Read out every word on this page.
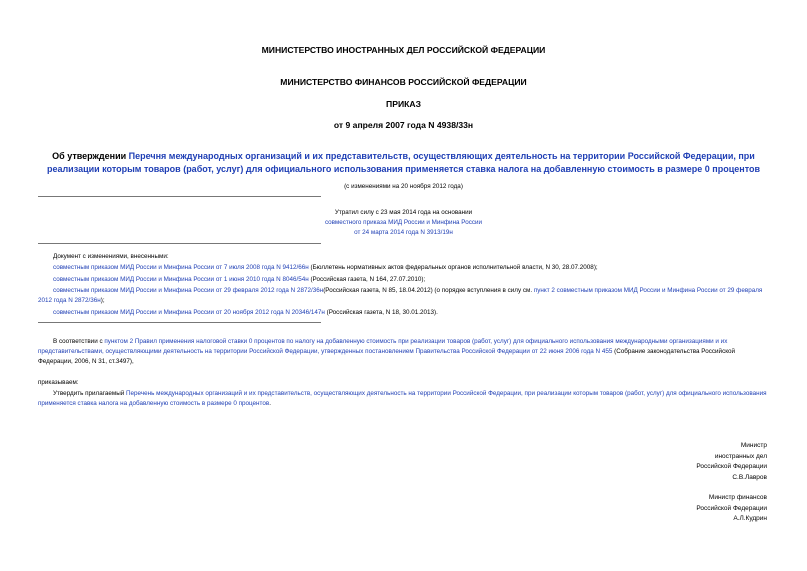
МИНИСТЕРСТВО ИНОСТРАННЫХ ДЕЛ РОССИЙСКОЙ ФЕДЕРАЦИИ
МИНИСТЕРСТВО ФИНАНСОВ РОССИЙСКОЙ ФЕДЕРАЦИИ
ПРИКАЗ
от 9 апреля 2007 года N 4938/33н
Об утверждении Перечня международных организаций и их представительств, осуществляющих деятельность на территории Российской Федерации, при реализации которым товаров (работ, услуг) для официального использования применяется ставка налога на добавленную стоимость в размере 0 процентов
(с изменениями на 20 ноября 2012 года)
Утратил силу с 23 мая 2014 года на основании
совместного приказа МИД России и Минфина России
от 24 марта 2014 года N 3913/19н
Документ с изменениями, внесенными:
совместным приказом МИД России и Минфина России от 7 июля 2008 года N 9412/66н (Бюллетень нормативных актов федеральных органов исполнительной власти, N 30, 28.07.2008);
совместным приказом МИД России и Минфина России от 1 июня 2010 года N 8046/54н (Российская газета, N 164, 27.07.2010);
совместным приказом МИД России и Минфина России от 29 февраля 2012 года N 2872/36н(Российская газета, N 85, 18.04.2012) (о порядке вступления в силу см. пункт 2 совместным приказом МИД России и Минфина России от 29 февраля 2012 года N 2872/36н);
совместным приказом МИД России и Минфина России от 20 ноября 2012 года N 20346/147н (Российская газета, N 18, 30.01.2013).
В соответствии с пунктом 2 Правил применения налоговой ставки 0 процентов по налогу на добавленную стоимость при реализации товаров (работ, услуг) для официального использования международными организациями и их представительствами, осуществляющими деятельность на территории Российской Федерации, утвержденных постановлением Правительства Российской Федерации от 22 июня 2006 года N 455 (Собрание законодательства Российской Федерации, 2006, N 31, ст.3497),
приказываем:
Утвердить прилагаемый Перечень международных организаций и их представительств, осуществляющих деятельность на территории Российской Федерации, при реализации которым товаров (работ, услуг) для официального использования применяется ставка налога на добавленную стоимость в размере 0 процентов.
Министр
иностранных дел
Российской Федерации
С.В.Лавров
Министр финансов
Российской Федерации
А.Л.Кудрин
